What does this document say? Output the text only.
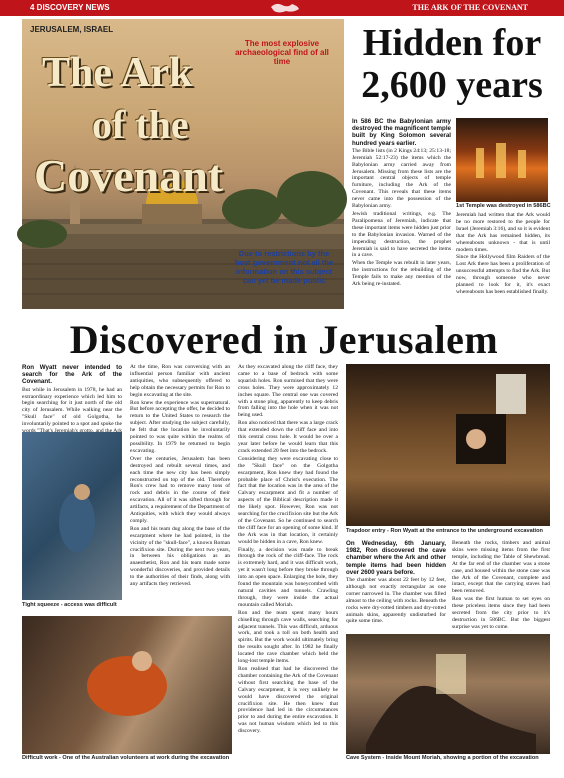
4 DISCOVERY NEWS	THE ARK OF THE COVENANT
JERUSALEM, ISRAEL
The Ark
of the
Covenant
The most explosive archaeological find of all time
Due to restrictions by the host government not all the information on this subject can yet be made public
Hidden for 2,600 years

In 586 BC the Babylonian army destroyed the magnificent temple built by King Solomon several hundred years earlier.

The Bible lists (in 2 Kings 24:13; 25:13-18; Jeremiah 52:17-23) the items which the Babylonian army carried away from Jerusalem. Missing from these lists are the important central objects of temple furniture, including the Ark of the Covenant. This reveals that these items never came into the possession of the Babylonian army.

Jewish traditional writings, e.g. The Paralipomena of Jeremiah, indicate that these important items were hidden just prior to the Babylonian invasion. Warned of the impending destruction, the prophet Jeremiah is said to have secreted the items in a cave.

When the Temple was rebuilt in later years, the instructions for the rebuilding of the Temple fails to make any mention of the Ark being re-instated.

1st Temple was destroyed in 586BC

Jeremiah had written that the Ark would be no more restored to the people for Israel (Jeremiah 3:16), and so it is evident that the Ark has remained hidden, its whereabouts unknown - that is until modern times.

Since the Hollywood film Raiders of the Lost Ark there has been a proliferation of unsuccessful attempts to find the Ark. But now, through someone who never planned to look for it, it's exact whereabouts has been established finally.

Discovered in Jerusalem

Ron Wyatt never intended to search for the Ark of the Covenant.

But while in Jerusalem in 1978, he had an extraordinary experience which led him to begin searching for it just north of the old city of Jerusalem. While walking near the "Skull face" of old Golgotha, he involuntarily pointed to a spot and spoke the

Tight squeeze - access was difficult

At the time, Ron was conversing with an influential person familiar with ancient antiquities, who subsequently offered to help obtain the necessary permits for Ron to begin excavating at the site.

Ron knew the experience was supernatural. But before accepting the offer, he decided to return to the United States to research the subject. After studying the subject carefully, he felt that the location he involuntarily pointed to was quite within the realms of possibility. In 1979 he returned to begin excavating.

Over the centuries, Jerusalem has been destroyed and rebuilt several times, and each time the new city has been simply reconstructed on top of the old. Therefore Ron's crew had to remove many tons of rock and debris in the course of their excavation. All of it was sifted through for artifacts, a requirement of the Department of Antiquities, with which they would always comply.

Ron and his team dug along the base of the escarpment where he had pointed, in the vicinity of the "skull-face", a known Roman crucifixion site. During the next two years, in between his obligations as an anaesthetist, Ron and his team made some wonderful discoveries, and provided details to the authorities of their finds, along with any artifacts they retrieved.

As they excavated along the cliff face, they came to a base of bedrock with some squarish holes. Ron surmised that they were cross holes. They were approximately 12 inches square. The central one was covered with a stone plug, apparently to keep debris from falling into the hole when it was not being used.

Ron also noticed that there was a large crack that extended down the cliff face and into this central cross hole. It would be over a year later before he would learn that this crack extended 20 feet into the bedrock.

Considering they were excavating close to the "Skull face" on the Golgotha escarpment, Ron knew they had found the probable place of Christ's execution. The fact that the location was in the area of the Calvary escarpment and fit a number of aspects of the Biblical description made it the likely spot. However, Ron was not searching for the crucifixion site but the Ark of the Covenant. So he continued to search the cliff face for an opening of some kind. If the Ark was in that location, it certainly would be hidden in a cave, Ron knew.

Finally, a decision was made to break through the rock of the cliff-face. The rock is extremely hard, and it was difficult work, yet it wasn't long before they broke through into an open space. Enlarging the hole, they found the mountain was honeycombed with natural cavities and tunnels. Crawling through, they were inside the actual mountain called Moriah.

Ron and the team spent many hours chiselling through cave walls, searching for adjacent tunnels. This was difficult, arduous work, and took a toll on both health and spirits. But the work would ultimately bring the results sought after. In 1982 he finally located the cave chamber which held the long-lost temple items.

Ron realised that had he discovered the chamber containing the Ark of the Covenant without first searching the base of the Calvary escarpment, it is very unlikely he would have discovered the original crucifixion site. He then knew that providence had led in the circumstances prior to and during the entire excavation. It was not human wisdom which led to this discovery.

Trapdoor entry - Ron Wyatt at the entrance to the underground excavation

On Wednesday, 6th January, 1982, Ron discovered the cave chamber where the Ark and other temple items had been hidden over 2600 years before.

The chamber was about 22 feet by 12 feet, although not exactly rectangular as one corner narrowed in. The chamber was filled almost to the ceiling with rocks. Beneath the rocks were dry-rotted timbers and dry-rotted animals skins, apparently undisturbed for quite some time.

Beneath the rocks, timbers and animal skins were missing items from the first temple, including the Table of Shewbread. At the far end of the chamber was a stone case, and housed within the stone case was the Ark of the Covenant, complete and intact, except that the carrying staves had been removed.

Ron was the first human to set eyes on these priceless items since they had been secreted from the city prior to it's destruction in 586BC. But the biggest surprise was yet to come.

Difficult work - One of the Australian volunteers at work during the excavation	Cave System - Inside Mount Moriah, showing a portion of the excavation
